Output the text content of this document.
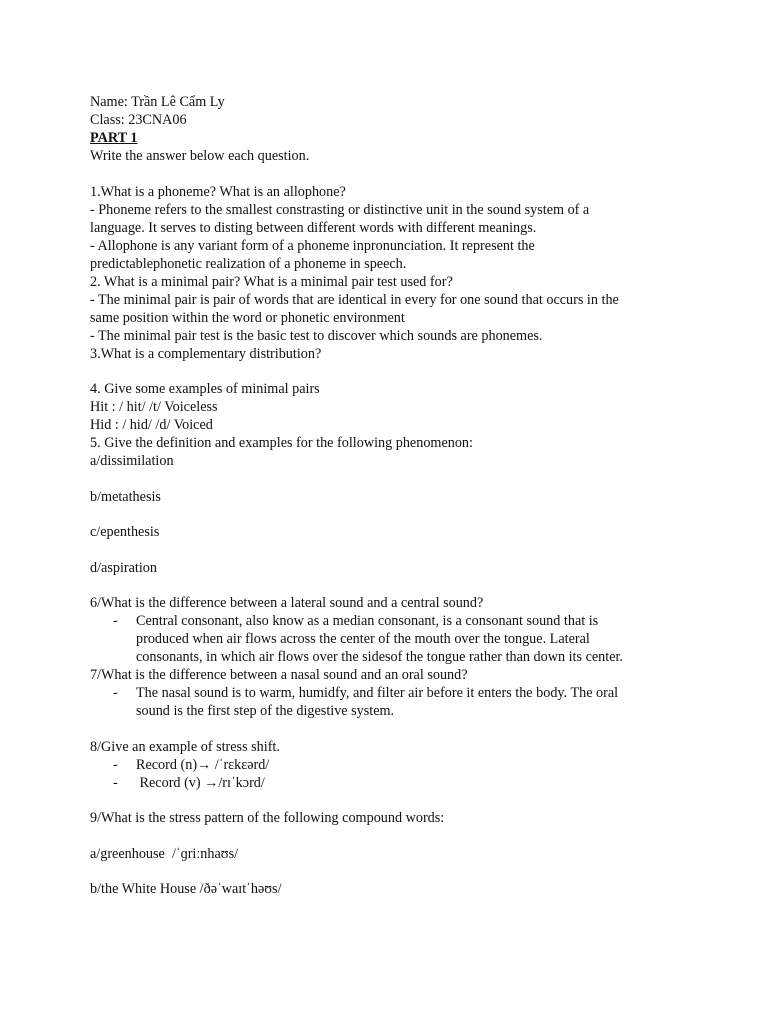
Name: Trần Lê Cẩm Ly
Class: 23CNA06
PART 1
Write the answer below each question.
1.What is a phoneme? What is an allophone?
- Phoneme refers to the smallest constrasting or distinctive unit in the sound system of a
language. It serves to disting between different words with different meanings.
- Allophone is any variant form of a phoneme inpronunciation. It represent the
predictablephonetic realization of a phoneme in speech.
2. What is a minimal pair? What is a minimal pair test used for?
- The minimal pair is pair of words that are identical in every for one sound that occurs in the
same position within the word or phonetic environment
- The minimal pair test is the basic test to discover which sounds are phonemes.
3.What is a complementary distribution?
4. Give some examples of minimal pairs
Hit : / hit/ /t/ Voiceless
Hid : / hid/ /d/ Voiced
5. Give the definition and examples for the following phenomenon:
a/dissimilation
b/metathesis
c/epenthesis
d/aspiration
6/What is the difference between a lateral sound and a central sound?
-	Central consonant, also know as a median consonant, is a consonant sound that is
produced when air flows across the center of the mouth over the tongue. Lateral
consonants, in which air flows over the sidesof the tongue rather than down its center.
7/What is the difference between a nasal sound and an oral sound?
-	The nasal sound is to warm, humidfy, and filter air before it enters the body. The oral
sound is the first step of the digestive system.
8/Give an example of stress shift.
-	Record (n)→ /ˈrɛkɛərd/
-	Record (v) →/rɪˈkɔrd/
9/What is the stress pattern of the following compound words:
a/greenhouse  /ˈɡriːnhaʊs/
b/the White House /ðəˈwaɪtˈhəʊs/
